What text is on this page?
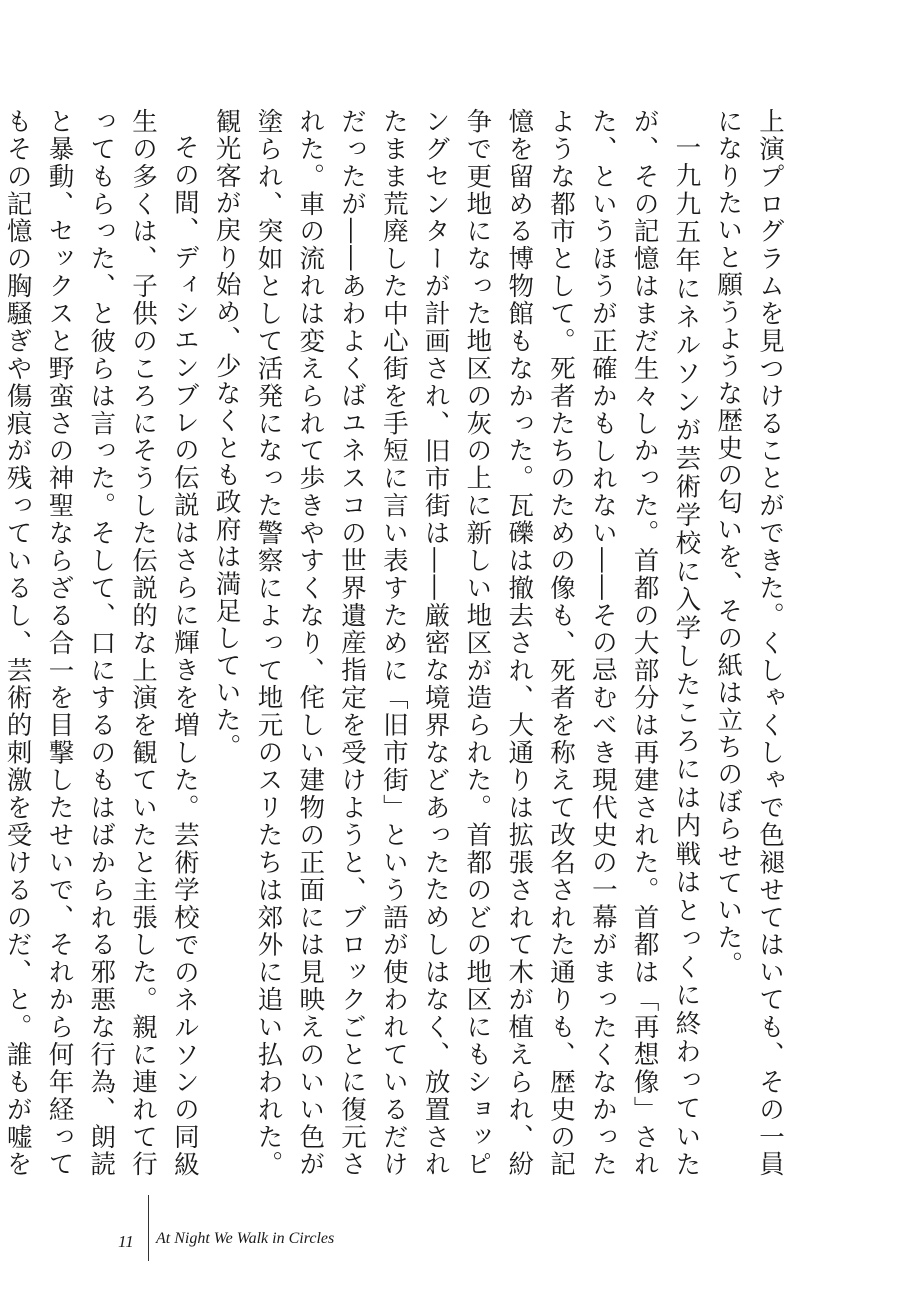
上演プログラムを見つけることができた。くしゃくしゃで色褪せてはいても、その一員になりたいと願うような歴史の匂いを、その紙は立ちのぼらせていた。

一九九五年にネルソンが芸術学校に入学したころには内戦はとっくに終わっていたが、その記憶はまだ生々しかった。首都の大部分は再建された。首都は「再想像」された、というほうが正確かもしれない――その忌むべき現代史の一幕がまったくなかったような都市として。死者たちのための像も、死者を称えて改名された通りも、歴史の記憶を留める博物館もなかった。瓦礫は撤去され、大通りは拡張されて木が植えられ、紛争で更地になった地区の灰の上に新しい地区が造られた。首都のどの地区にもショッピングセンターが計画され、旧市街は――厳密な境界などあったためしはなく、放置されたまま荒廃した中心街を手短に言い表すために「旧市街」という語が使われているだけだったが――あわよくばユネスコの世界遺産指定を受けようと、ブロックごとに復元された。車の流れは変えられて歩きやすくなり、侘しい建物の正面には見映えのいい色が塗られ、突如として活発になった警察によって地元のスリたちは郊外に追い払われた。観光客が戻り始め、少なくとも政府は満足していた。

その間、ディシエンブレの伝説はさらに輝きを増した。芸術学校でのネルソンの同級生の多くは、子供のころにそうした伝説的な上演を観ていたと主張した。親に連れて行ってもらった、と彼らは言った。そして、口にするのもはばかられる邪悪な行為、朗読と暴動、セックスと野蛮さの神聖ならざる合一を目撃したせいで、それから何年経ってもその記憶の胸騒ぎや傷痕が残っているし、芸術的刺激を受けるのだ、と。誰もが嘘を

11 At Night We Walk in Circles
